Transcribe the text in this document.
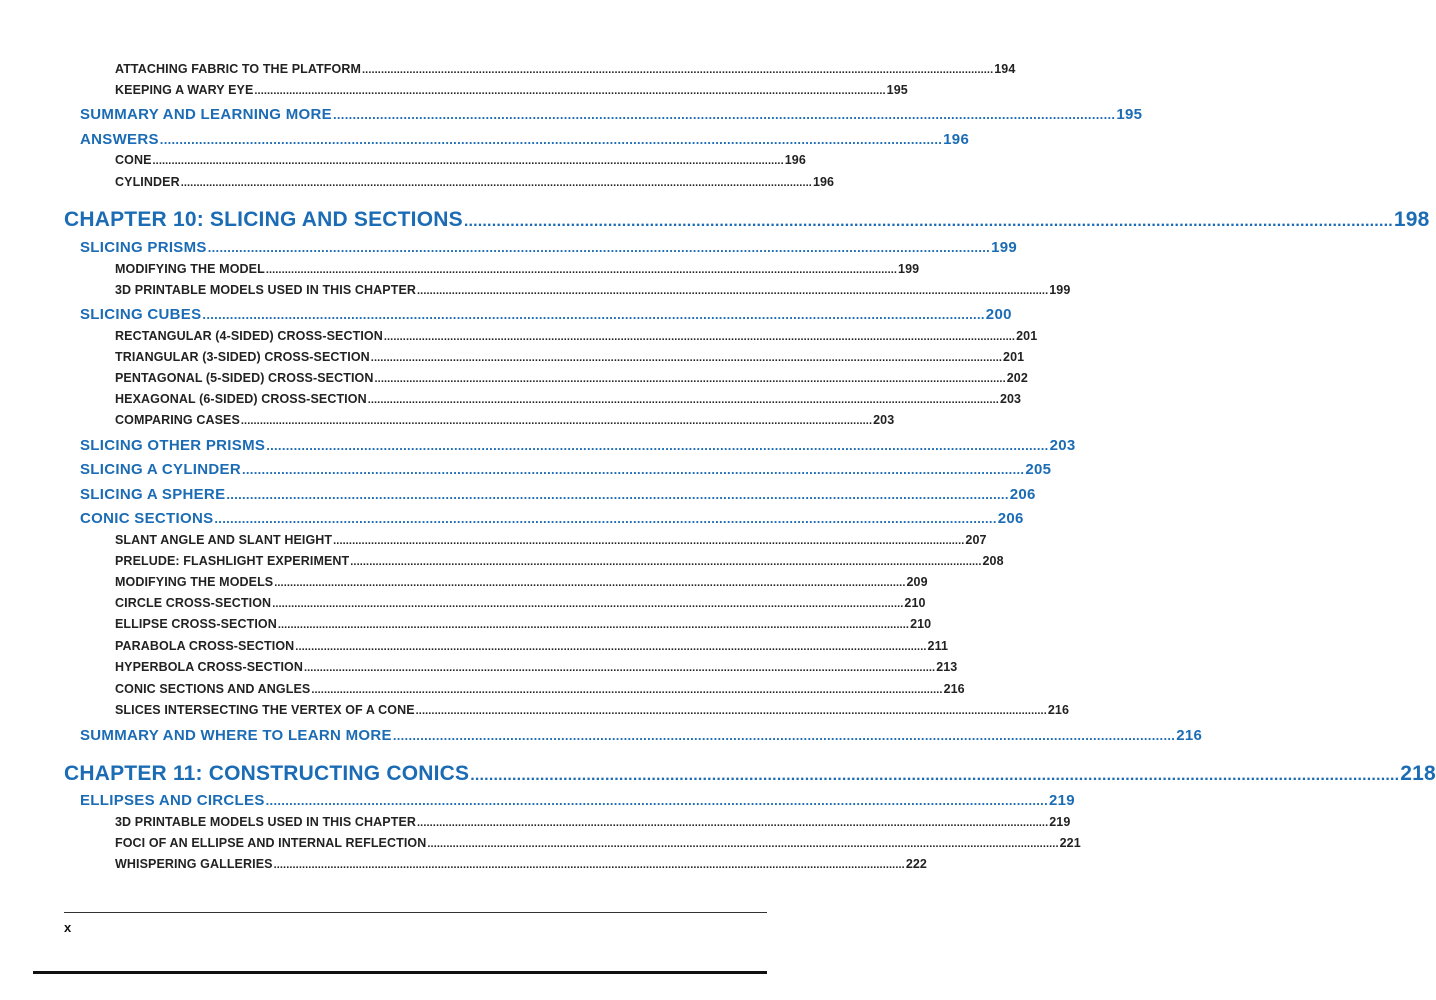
ATTACHING FABRIC TO THE PLATFORM ........................................................................................................................................................................................................ 194
KEEPING A WARY EYE ........................................................................................................................................................................................................ 195
SUMMARY AND LEARNING MORE ........................................................................................................................................................................................................ 195
ANSWERS ........................................................................................................................................................................................................ 196
CONE ........................................................................................................................................................................................................ 196
CYLINDER ........................................................................................................................................................................................................ 196
CHAPTER 10: SLICING AND SECTIONS ........................................................................................................................................................................................................ 198
SLICING PRISMS ........................................................................................................................................................................................................ 199
MODIFYING THE MODEL ........................................................................................................................................................................................................ 199
3D PRINTABLE MODELS USED IN THIS CHAPTER ........................................................................................................................................................................................................ 199
SLICING CUBES ........................................................................................................................................................................................................ 200
RECTANGULAR (4-SIDED) CROSS-SECTION ........................................................................................................................................................................................................ 201
TRIANGULAR (3-SIDED) CROSS-SECTION ........................................................................................................................................................................................................ 201
PENTAGONAL (5-SIDED) CROSS-SECTION ........................................................................................................................................................................................................ 202
HEXAGONAL (6-SIDED) CROSS-SECTION ........................................................................................................................................................................................................ 203
COMPARING CASES ........................................................................................................................................................................................................ 203
SLICING OTHER PRISMS ........................................................................................................................................................................................................ 203
SLICING A CYLINDER ........................................................................................................................................................................................................ 205
SLICING A SPHERE ........................................................................................................................................................................................................ 206
CONIC SECTIONS ........................................................................................................................................................................................................ 206
SLANT ANGLE AND SLANT HEIGHT ........................................................................................................................................................................................................ 207
PRELUDE: FLASHLIGHT EXPERIMENT ........................................................................................................................................................................................................ 208
MODIFYING THE MODELS ........................................................................................................................................................................................................ 209
CIRCLE CROSS-SECTION ........................................................................................................................................................................................................ 210
ELLIPSE CROSS-SECTION ........................................................................................................................................................................................................ 210
PARABOLA CROSS-SECTION ........................................................................................................................................................................................................ 211
HYPERBOLA CROSS-SECTION ........................................................................................................................................................................................................ 213
CONIC SECTIONS AND ANGLES ........................................................................................................................................................................................................ 216
SLICES INTERSECTING THE VERTEX OF A CONE ........................................................................................................................................................................................................ 216
SUMMARY AND WHERE TO LEARN MORE ........................................................................................................................................................................................................ 216
CHAPTER 11: CONSTRUCTING CONICS ........................................................................................................................................................................................................ 218
ELLIPSES AND CIRCLES ........................................................................................................................................................................................................ 219
3D PRINTABLE MODELS USED IN THIS CHAPTER ........................................................................................................................................................................................................ 219
FOCI OF AN ELLIPSE AND INTERNAL REFLECTION ........................................................................................................................................................................................................ 221
WHISPERING GALLERIES ........................................................................................................................................................................................................ 222
x
